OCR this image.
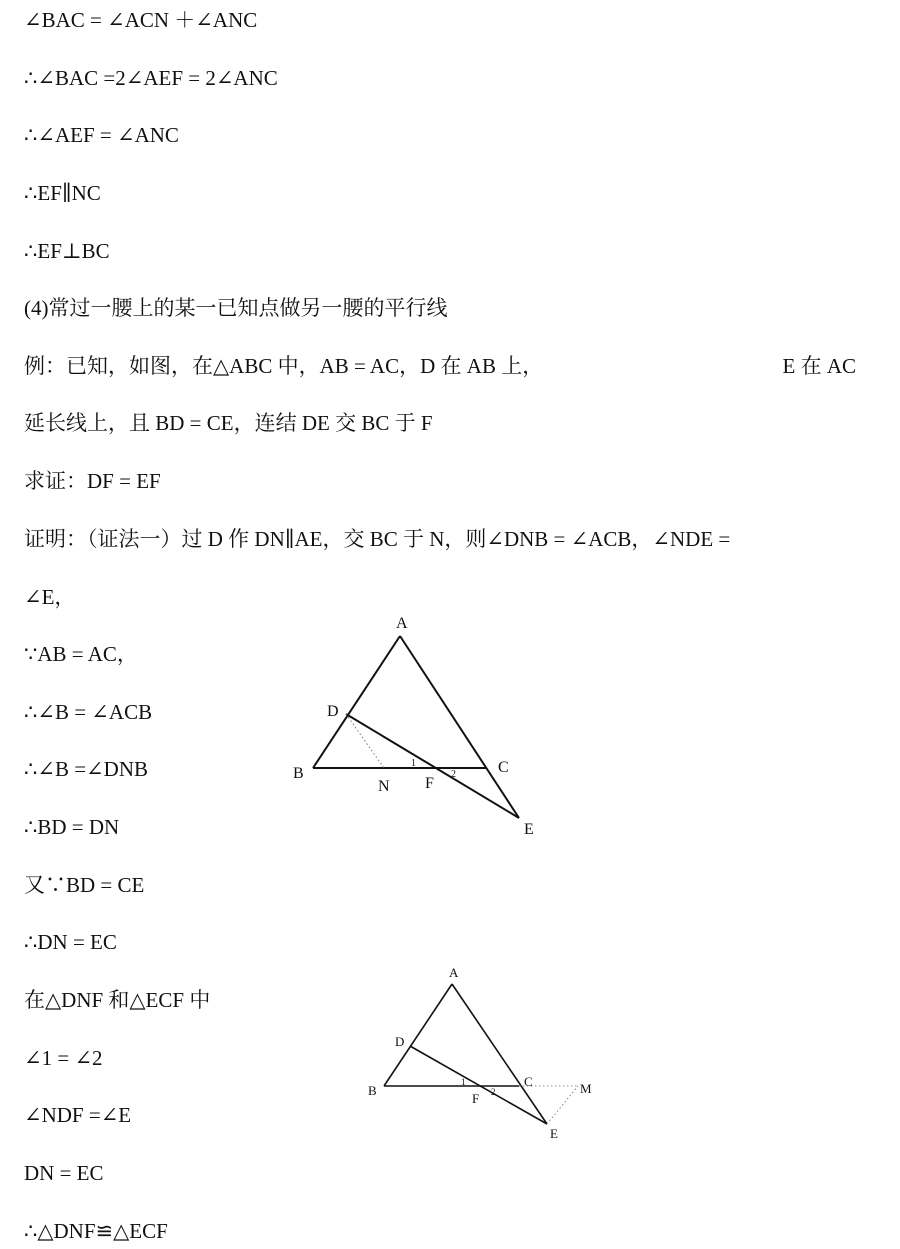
∠BAC = ∠ACN ＋∠ANC
∴∠BAC =2∠AEF = 2∠ANC
∴∠AEF = ∠ANC
∴EF∥NC
∴EF⊥BC
(4)常过一腰上的某一已知点做另一腰的平行线
例：已知，如图，在△ABC 中，AB = AC，D 在 AB 上，	E 在 AC
延长线上，且 BD = CE，连结 DE 交 BC 于 F
求证：DF = EF
证明：（证法一）过 D 作 DN∥AE，交 BC 于 N，则∠DNB = ∠ACB，∠NDE =
∠E，
∵AB = AC，
∴∠B = ∠ACB
∴∠B =∠DNB
∴BD = DN
又∵BD = CE
∴DN = EC
在△DNF 和△ECF 中
∠1 = ∠2
∠NDF =∠E
DN = EC
∴△DNF≌△ECF
A
B	C
D
E
F
N
1
2
A
B
C
D
E
F
M
1
2
